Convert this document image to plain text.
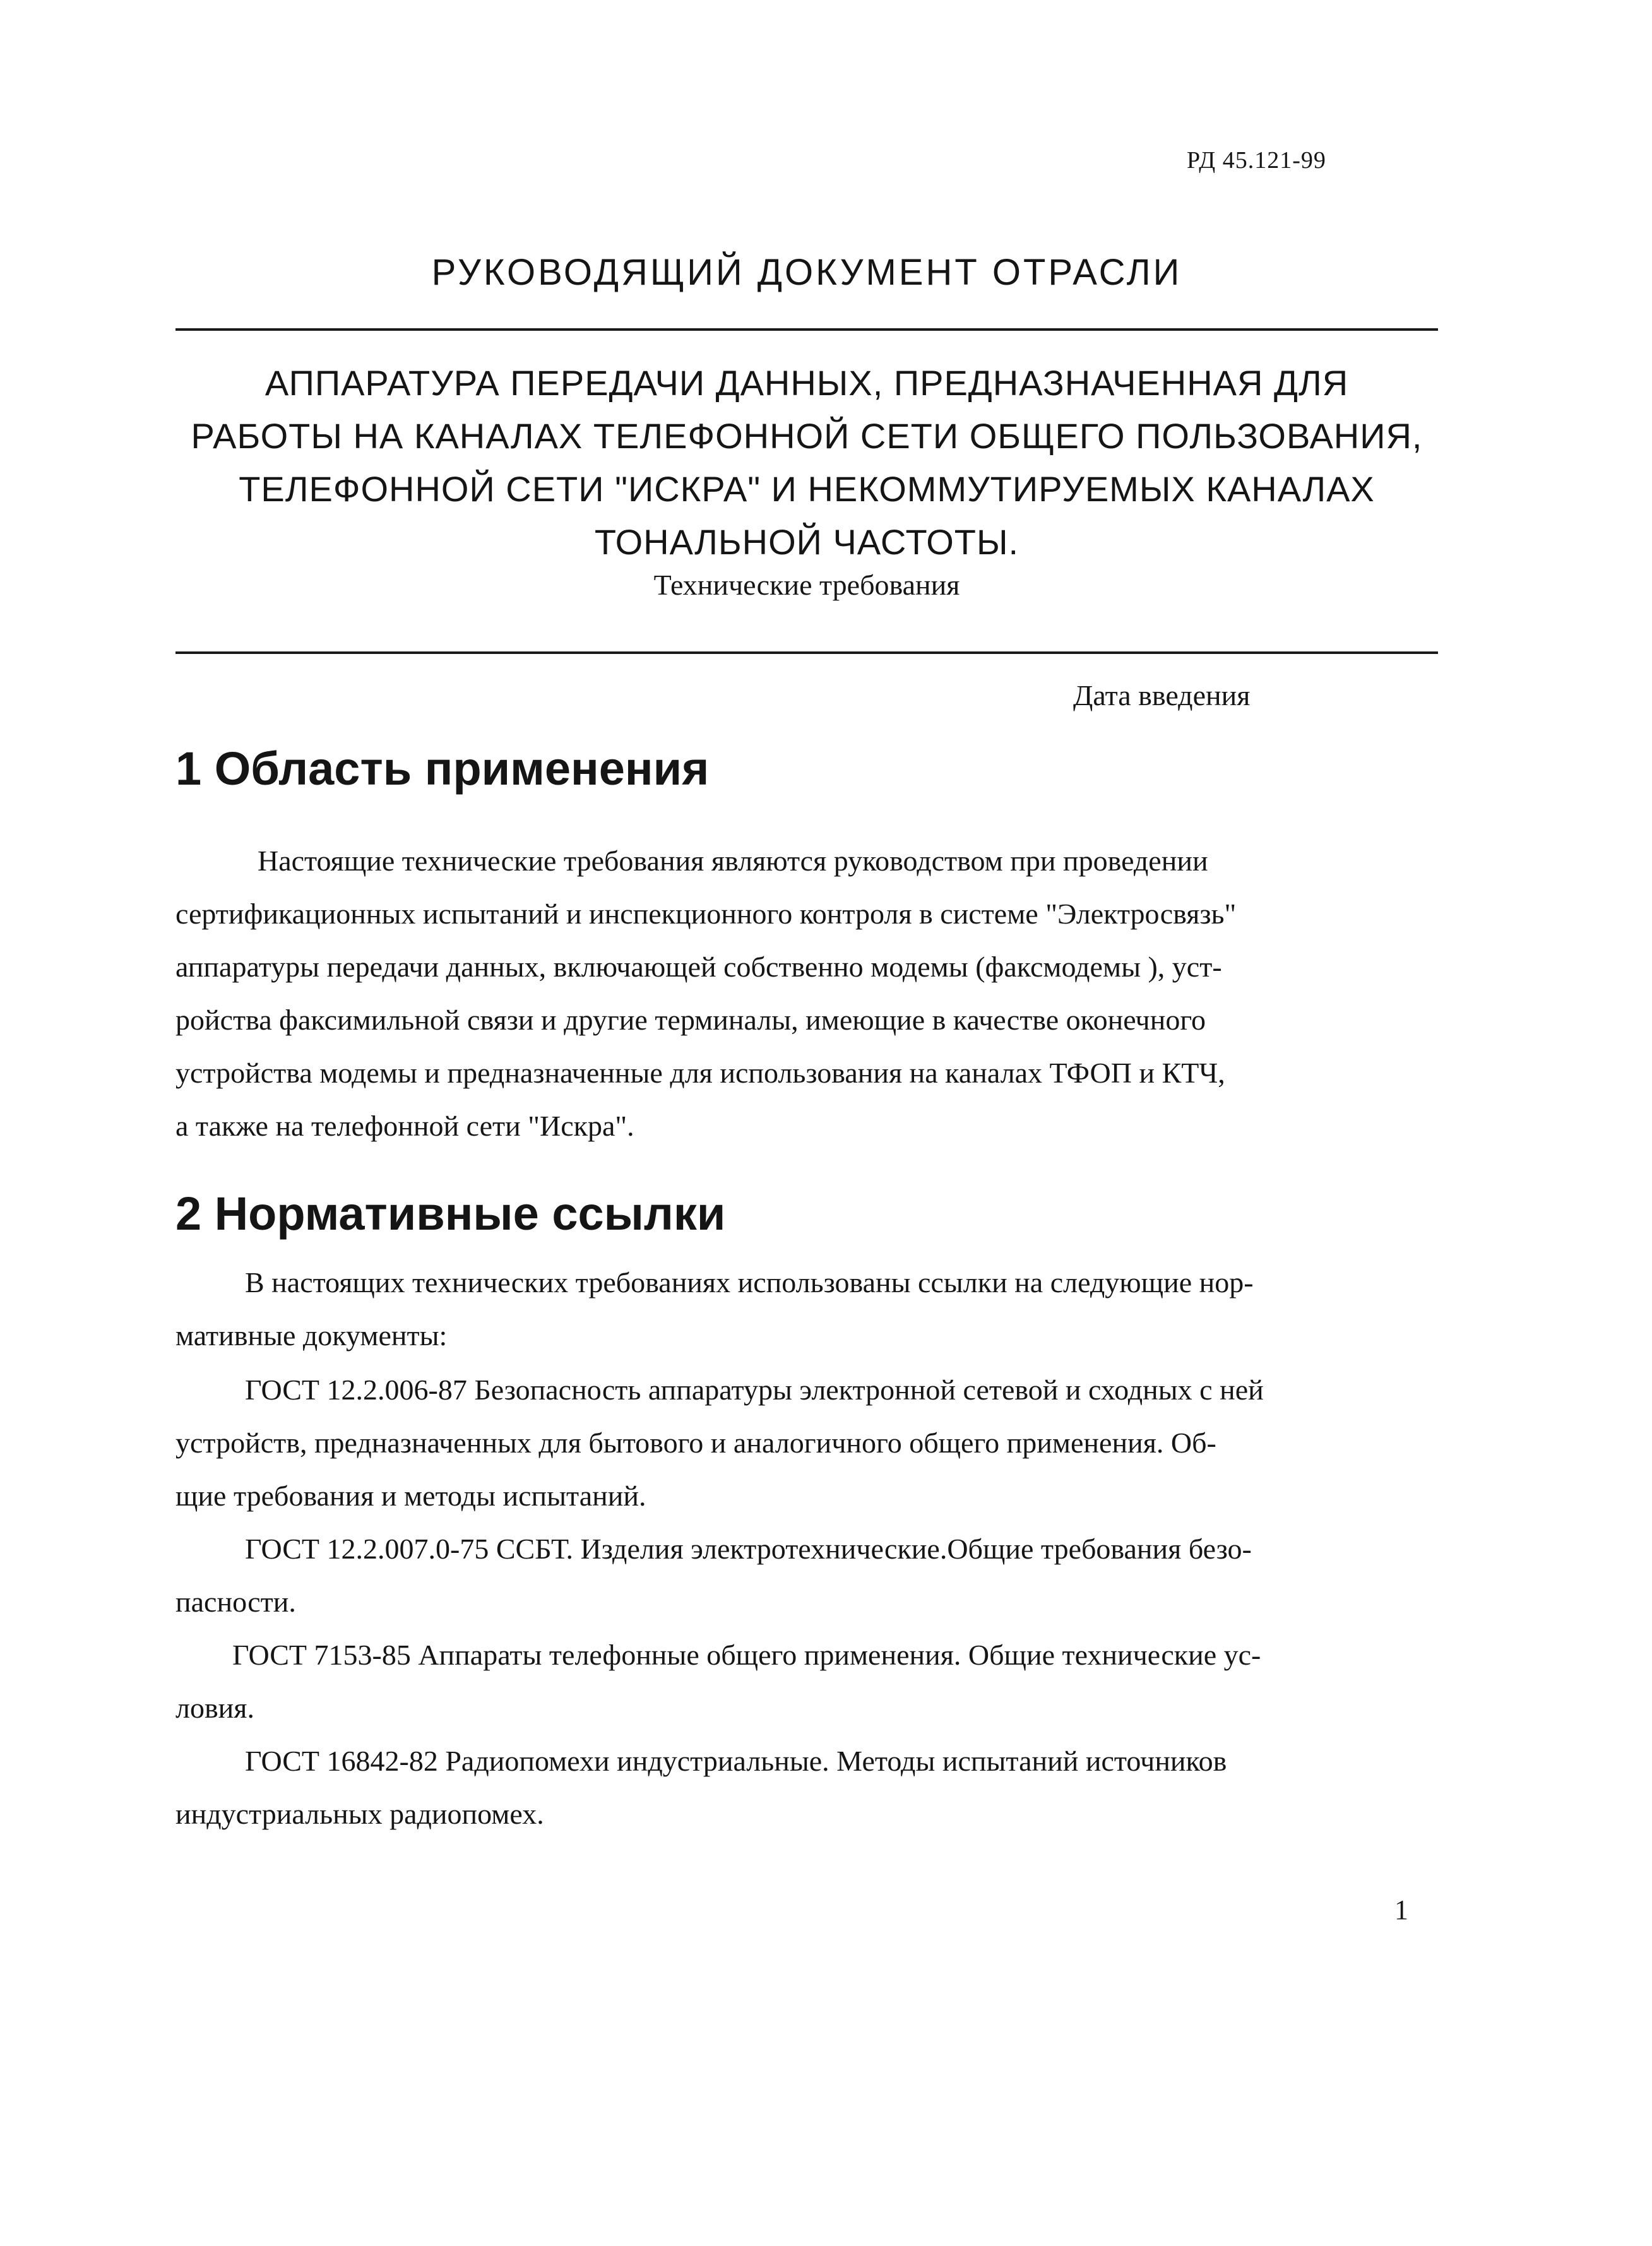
РД 45.121-99
РУКОВОДЯЩИЙ ДОКУМЕНТ ОТРАСЛИ
АППАРАТУРА ПЕРЕДАЧИ ДАННЫХ, ПРЕДНАЗНАЧЕННАЯ ДЛЯ
РАБОТЫ НА КАНАЛАХ ТЕЛЕФОННОЙ СЕТИ ОБЩЕГО ПОЛЬЗОВАНИЯ,
ТЕЛЕФОННОЙ СЕТИ "ИСКРА" И НЕКОММУТИРУЕМЫХ КАНАЛАХ
ТОНАЛЬНОЙ ЧАСТОТЫ.
Технические требования
Дата введения
1 Область применения

Настоящие технические требования являются руководством при проведении
сертификационных испытаний и инспекционного контроля в системе "Электросвязь"
аппаратуры передачи данных, включающей собственно модемы (факсмодемы ), уст-
ройства факсимильной связи и другие терминалы, имеющие в качестве оконечного
устройства модемы и предназначенные для использования на каналах ТФОП и КТЧ,
а также на телефонной сети "Искра".

2 Нормативные ссылки

В настоящих технических требованиях использованы ссылки на следующие нор-
мативные документы:

ГОСТ 12.2.006-87 Безопасность аппаратуры электронной сетевой и сходных с ней
устройств, предназначенных для бытового и аналогичного общего применения. Об-
щие требования и методы испытаний.

ГОСТ 12.2.007.0-75 ССБТ. Изделия электротехнические.Общие требования безо-
пасности.

ГОСТ 7153-85 Аппараты телефонные общего применения. Общие технические ус-
ловия.

ГОСТ 16842-82 Радиопомехи индустриальные. Методы испытаний источников
индустриальных радиопомех.

1
